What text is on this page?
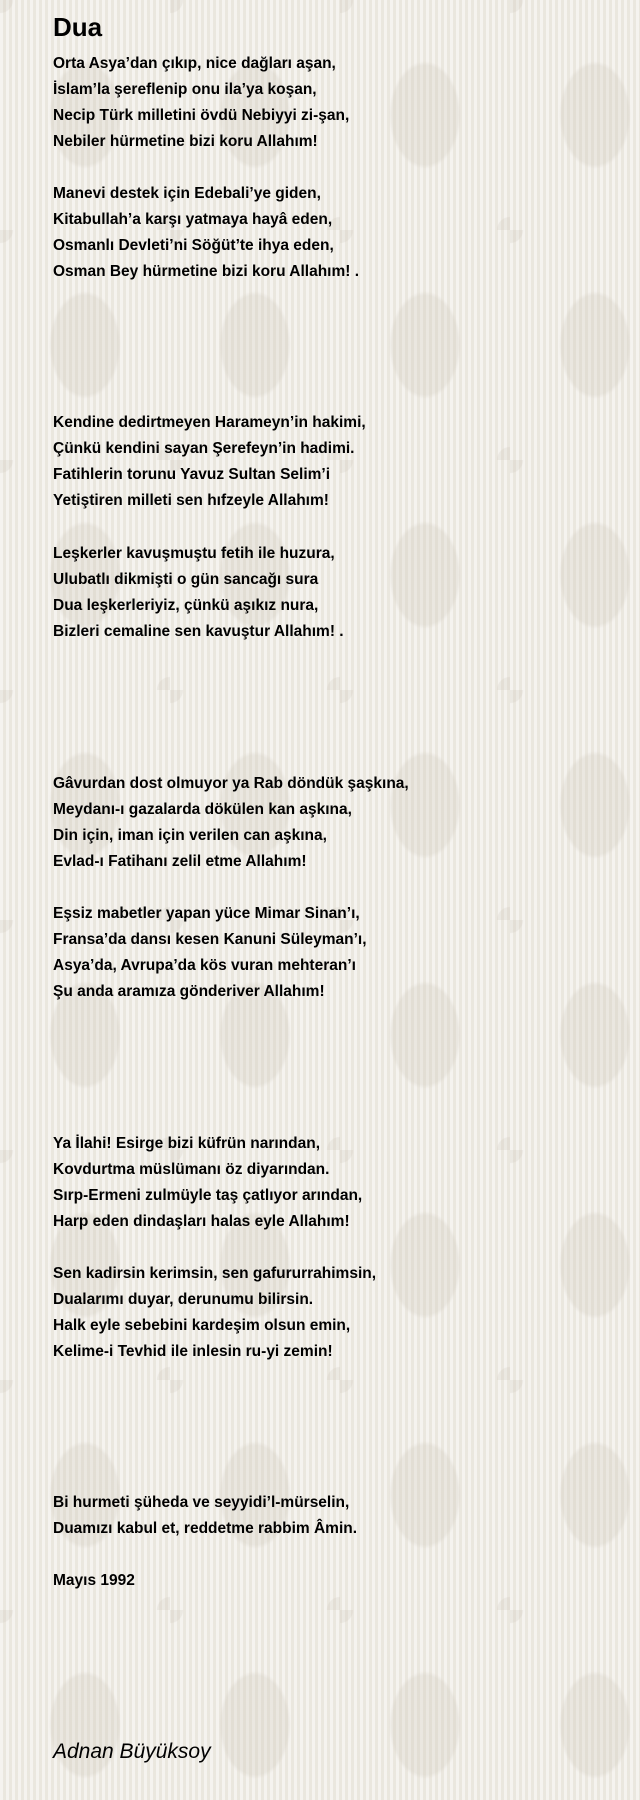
Dua
Orta Asya’dan çıkıp, nice dağları aşan,
İslam’la şereflenip onu ila’ya koşan,
Necip Türk milletini övdü Nebiyyi zi-şan,
Nebiler hürmetine bizi koru Allahım!
Manevi destek için Edebali’ye giden,
Kitabullah’a karşı yatmaya hayâ eden,
Osmanlı Devleti’ni Söğüt’te ihya eden,
Osman Bey hürmetine bizi koru Allahım! .
Kendine dedirtmeyen Harameyn’in hakimi,
Çünkü kendini sayan Şerefeyn’in hadimi.
Fatihlerin torunu Yavuz Sultan Selim’i
Yetiştiren milleti sen hıfzeyle Allahım!
Leşkerler kavuşmuştu fetih ile huzura,
Ulubatlı dikmişti o gün sancağı sura
Dua leşkerleriyiz, çünkü aşıkız nura,
Bizleri cemaline sen kavuştur Allahım! .
Gâvurdan dost olmuyor ya Rab döndük şaşkına,
Meydanı-ı gazalarda dökülen kan aşkına,
Din için, iman için verilen can aşkına,
Evlad-ı Fatihanı zelil etme Allahım!
Eşsiz mabetler yapan yüce Mimar Sinan’ı,
Fransa’da dansı kesen Kanuni Süleyman’ı,
Asya’da, Avrupa’da kös vuran mehteran’ı
Şu anda aramıza gönderiver Allahım!
Ya İlahi! Esirge bizi küfrün narından,
Kovdurtma müslümanı öz diyarından.
Sırp-Ermeni zulmüyle taş çatlıyor arından,
Harp eden dindaşları halas eyle Allahım!
Sen kadirsin kerimsin, sen gafururrahimsin,
Dualarımı duyar, derunumu bilirsin.
Halk eyle sebebini kardeşim olsun emin,
Kelime-i Tevhid ile inlesin ru-yi zemin!
Bi hurmeti şüheda ve seyyidi’l-mürselin,
Duamızı kabul et, reddetme rabbim Âmin.
Mayıs 1992
Adnan Büyüksoy
